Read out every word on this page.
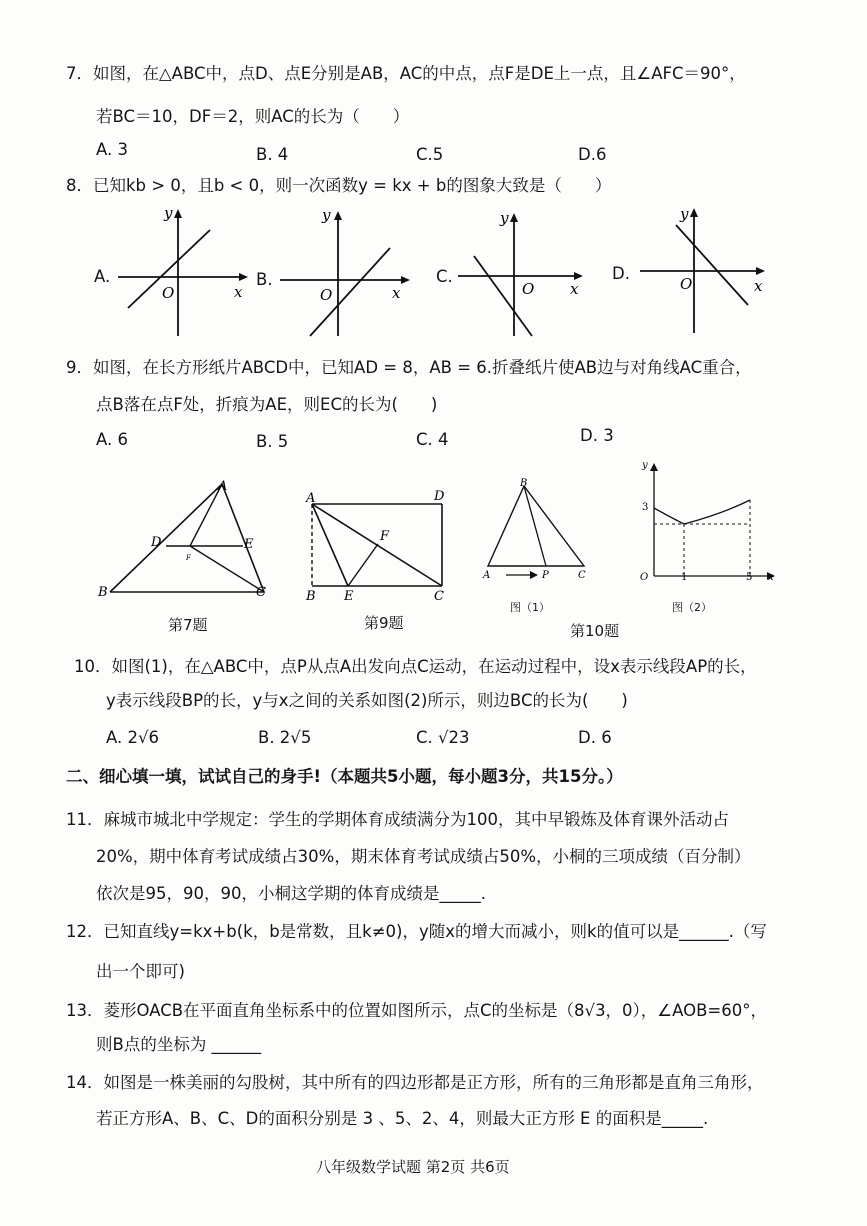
7．如图，在△ABC中，点D、点E分别是AB，AC的中点，点F是DE上一点，且∠AFC＝90°，
若BC＝10，DF＝2，则AC的长为（　　）
A. 3	B. 4	C.5	D.6
8．已知kb > 0，且b < 0，则一次函数y = kx + b的图象大致是（　　）
A.
y
x
O
B.
y
x
O
C.
y
x
O
D.
y
x
O
9．如图，在长方形纸片ABCD中，已知AD = 8，AB = 6.折叠纸片使AB边与对角线AC重合，
点B落在点F处，折痕为AE，则EC的长为(　　)
A. 6	B. 5	C. 4	D. 3
A
B	C
D	E
F
第7题
A	D
B E	C
F
第9题
B
A	P	C
图（1）
y
x
O
3
1	5
图（2）
第10题
10．如图(1)，在△ABC中，点P从点A出发向点C运动，在运动过程中，设x表示线段AP的长，
y表示线段BP的长，y与x之间的关系如图(2)所示，则边BC的长为(　　)
A. 2√6	B. 2√5	C. √23	D. 6
二、细心填一填，试试自己的身手!（本题共5小题，每小题3分，共15分。）
11．麻城市城北中学规定：学生的学期体育成绩满分为100，其中早锻炼及体育课外活动占
20%，期中体育考试成绩占30%，期末体育考试成绩占50%，小桐的三项成绩（百分制）
依次是95，90，90，小桐这学期的体育成绩是_____.
12．已知直线y=kx+b(k，b是常数，且k≠0)，y随x的增大而减小，则k的值可以是______.（写
出一个即可)
13．菱形OACB在平面直角坐标系中的位置如图所示，点C的坐标是（8√3，0），∠AOB=60°，
则B点的坐标为 ______
14．如图是一株美丽的勾股树，其中所有的四边形都是正方形，所有的三角形都是直角三角形，
若正方形A、B、C、D的面积分别是 3 、5、2、4，则最大正方形 E 的面积是_____.
八年级数学试题 第2页 共6页
